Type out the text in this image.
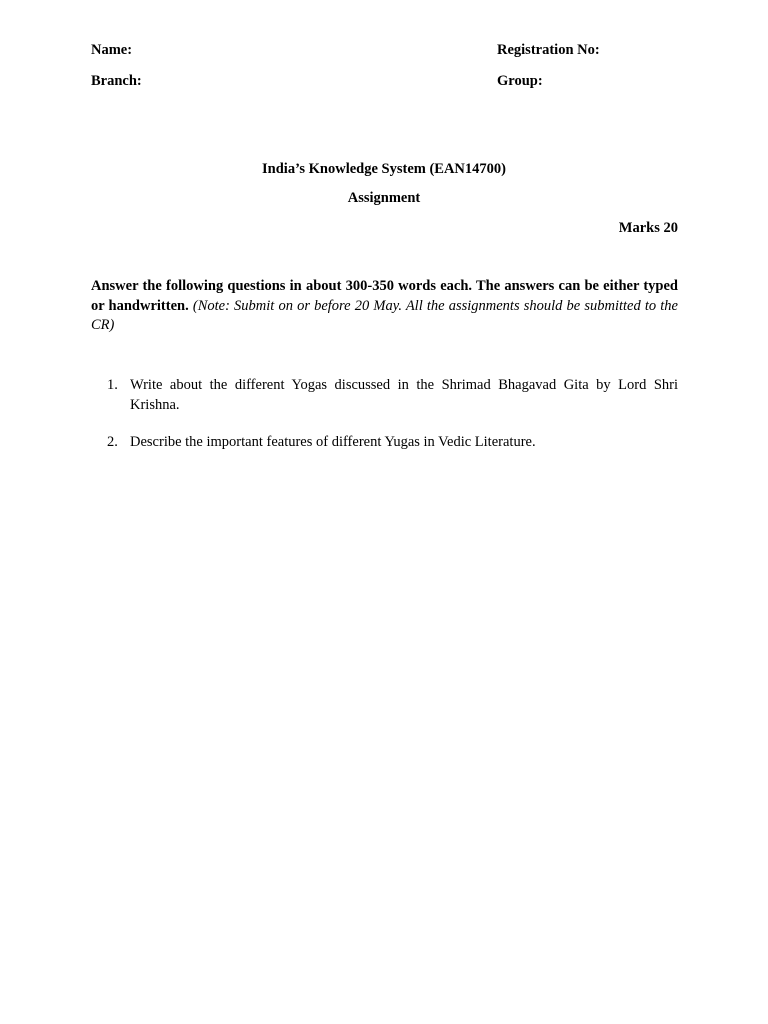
Name:	Registration No:
Branch:	Group:
India’s Knowledge System (EAN14700)
Assignment
Marks 20
Answer the following questions in about 300-350 words each. The answers can be either typed or handwritten. (Note: Submit on or before 20 May. All the assignments should be submitted to the CR)
1. Write about the different Yogas discussed in the Shrimad Bhagavad Gita by Lord Shri Krishna.
2. Describe the important features of different Yugas in Vedic Literature.
